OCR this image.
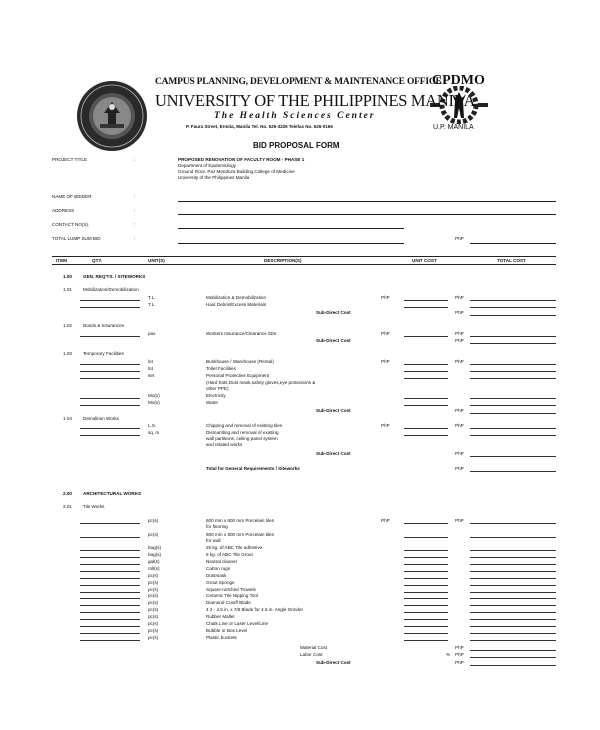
CAMPUS PLANNING, DEVELOPMENT & MAINTENANCE OFFICE
UNIVERSITY OF THE PHILIPPINES MANILA
The Health Sciences Center
P. Faura Street, Ermita, Manila Tel. No. 526-3226 Telefax No. 526-0166
CPDMO
U.P. MANILA
BID PROPOSAL FORM
PROJECT TITLE	:	PROPOSED RENOVATION OF FACULTY ROOM - PHASE 1
Department of Epidemiology
Ground Floor, Paz Mendoza Building,College of Medicine
University of the Philippines Manila
NAME OF BIDDER	:
ADDRESS	:
CONTACT NO(S).	:
TOTAL LUMP SUM BID	:	PhP
ITEM	QTY.	UNIT(S)	DESCRIPTION(S)	UNIT COST	TOTAL COST
1.00 GEN. REQ'TS. / SITEWORKS
1.01 Mobilization/Demobilization
T.L.	Mobilization & Demobilization	PhP	PhP
T.L.	Haul Debris/Excess Materials
Sub-Direct Cost	PhP
1.02 Bonds & Insurances
pax	Workers Insurance/Clearance /IDs	PhP	PhP
Sub-Direct Cost	PhP
1.03 Temporary Facilities
lot	Bunkhouse / Warehouse (Rental)	PhP	PhP
lot	Toilet Facilities
set	Personal Protective Equipment
(Hard hats,Dust mask,safety gloves,eye protections &
other PPE)
Mo(s)	Electricity
Mo(s)	Water
Sub-Direct Cost	PhP
1.04 Demolition Works
L.S.	Chipping and removal of existing tiles	PhP	PhP
sq. m	Dismantling and removal of existing
wall partitions, ceiling panel system
and related works
Sub-Direct Cost	PhP
Total for General Requirements / Siteworks	PhP
2.00 ARCHITECTURAL WORKS
2.01 Tile Works
pc(s)	600 mm x 600 mm Porcelain tiles	PhP	PhP
for flooring
pc(s)	600 mm x 600 mm Porcelain tiles
for wall
bag(s)	25 kg. of ABC Tile adhesive
bag(s)	5 kg. of ABC Tile Grout
gal(s)	Neutral cleaner
roll(s)	Carton rugs
pc(s)	Dustmask
pc(s)	Grout Sponge
pc(s)	Square-notched Trowels
pc(s)	Ceramic Tile Nipping Tool
pc(s)	Diamond Cutoff Blade
pc(s)	4 2 - 4.5 in. x 7/8 Blade for 4.5 in. Angle Grinder
pc(s)	Rubber Mallet
pc(s)	Chalk Line or Laser Level/Line
pc(s)	Bubble or Box Level
pc(s)	Plastic buckets
Material Cost	PhP
Labor Cost	% PhP
Sub-Direct Cost	PhP
